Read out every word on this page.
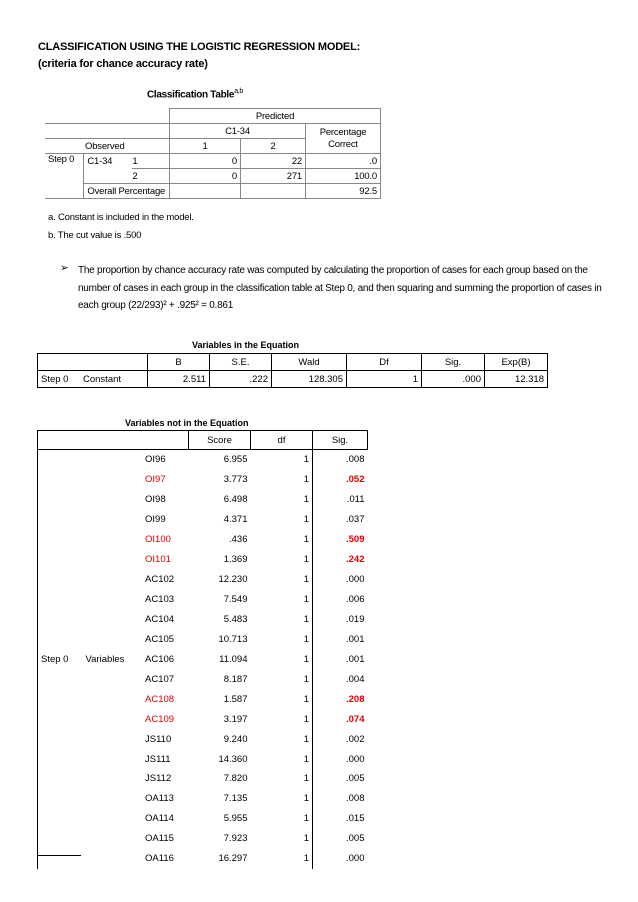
CLASSIFICATION USING THE LOGISTIC REGRESSION MODEL:
(criteria for chance accuracy rate)
Classification Table$^{a,b}$
			Predicted		
			C1-34		Percentage
Correct
Observed			1	2	
Step 0	C1-34	1	0	22	.0
		2	0	271	100.0
	Overall Percentage				92.5
a. Constant is included in the model.
b. The cut value is .500
➢ The proportion by chance accuracy rate was computed by calculating the proportion of cases for each group based on the number of cases in each group in the classification table at Step 0, and then squaring and summing the proportion of cases in each group (22/293)² + .925² = 0.861
Variables in the Equation
		B	S.E.	Wald	Df	Sig.	Exp(B)
Step 0	Constant	2.511	.222	128.305	1	.000	12.318
Variables not in the Equation
			Score	df	Sig.
		OI96	6.955	1	.008
		OI97	3.773	1	.052
		OI98	6.498	1	.011
		OI99	4.371	1	.037
		OI100	.436	1	.509
		OI101	1.369	1	.242
		AC102	12.230	1	.000
		AC103	7.549	1	.006
		AC104	5.483	1	.019
		AC105	10.713	1	.001
Step 0	Variables	AC106	11.094	1	.001
		AC107	8.187	1	.004
		AC108	1.587	1	.208
		AC109	3.197	1	.074
		JS110	9.240	1	.002
		JS111	14.360	1	.000
		JS112	7.820	1	.005
		OA113	7.135	1	.008
		OA114	5.955	1	.015
		OA115	7.923	1	.005
		OA116	16.297	1	.000
